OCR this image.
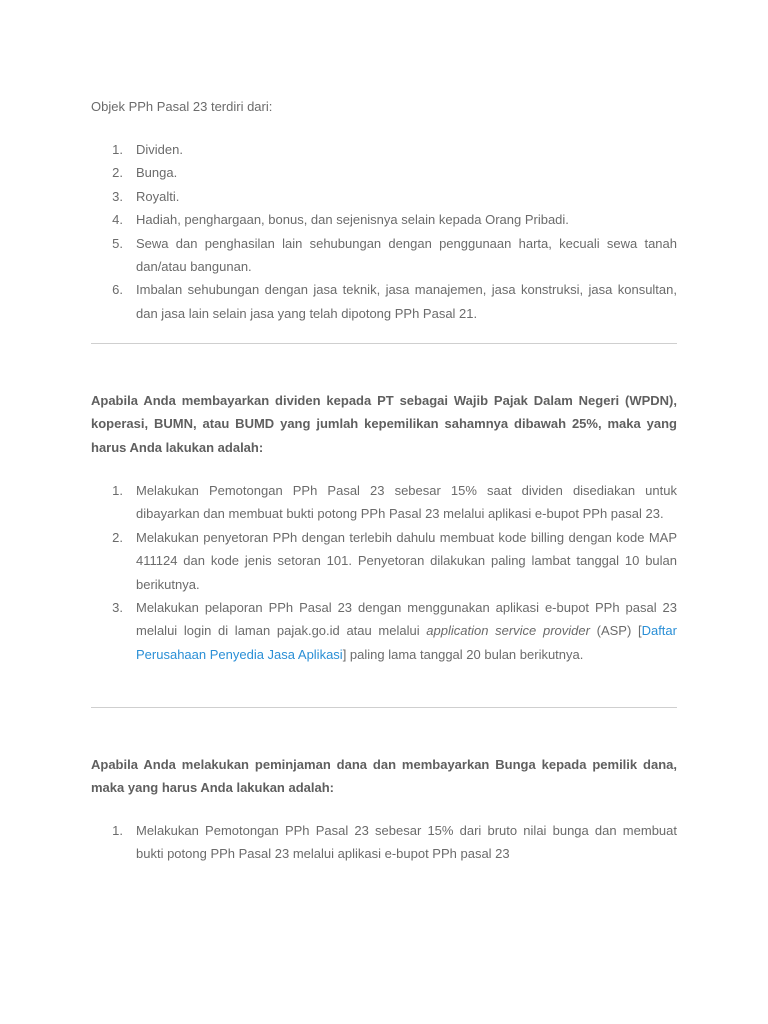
Objek PPh Pasal 23 terdiri dari:

1. Dividen.
2. Bunga.
3. Royalti.
4. Hadiah, penghargaan, bonus, dan sejenisnya selain kepada Orang Pribadi.
5. Sewa dan penghasilan lain sehubungan dengan penggunaan harta, kecuali sewa tanah dan/atau bangunan.
6. Imbalan sehubungan dengan jasa teknik, jasa manajemen, jasa konstruksi, jasa konsultan, dan jasa lain selain jasa yang telah dipotong PPh Pasal 21.

Apabila Anda membayarkan dividen kepada PT sebagai Wajib Pajak Dalam Negeri (WPDN), koperasi, BUMN, atau BUMD yang jumlah kepemilikan sahamnya dibawah 25%, maka yang harus Anda lakukan adalah:

1. Melakukan Pemotongan PPh Pasal 23 sebesar 15% saat dividen disediakan untuk dibayarkan dan membuat bukti potong PPh Pasal 23 melalui aplikasi e-bupot PPh pasal 23.
2. Melakukan penyetoran PPh dengan terlebih dahulu membuat kode billing dengan kode MAP 411124 dan kode jenis setoran 101. Penyetoran dilakukan paling lambat tanggal 10 bulan berikutnya.
3. Melakukan pelaporan PPh Pasal 23 dengan menggunakan aplikasi e-bupot PPh pasal 23 melalui login di laman pajak.go.id atau melalui application service provider (ASP) [Daftar Perusahaan Penyedia Jasa Aplikasi] paling lama tanggal 20 bulan berikutnya.

Apabila Anda melakukan peminjaman dana dan membayarkan Bunga kepada pemilik dana, maka yang harus Anda lakukan adalah:

1. Melakukan Pemotongan PPh Pasal 23 sebesar 15% dari bruto nilai bunga dan membuat bukti potong PPh Pasal 23 melalui aplikasi e-bupot PPh pasal 23
